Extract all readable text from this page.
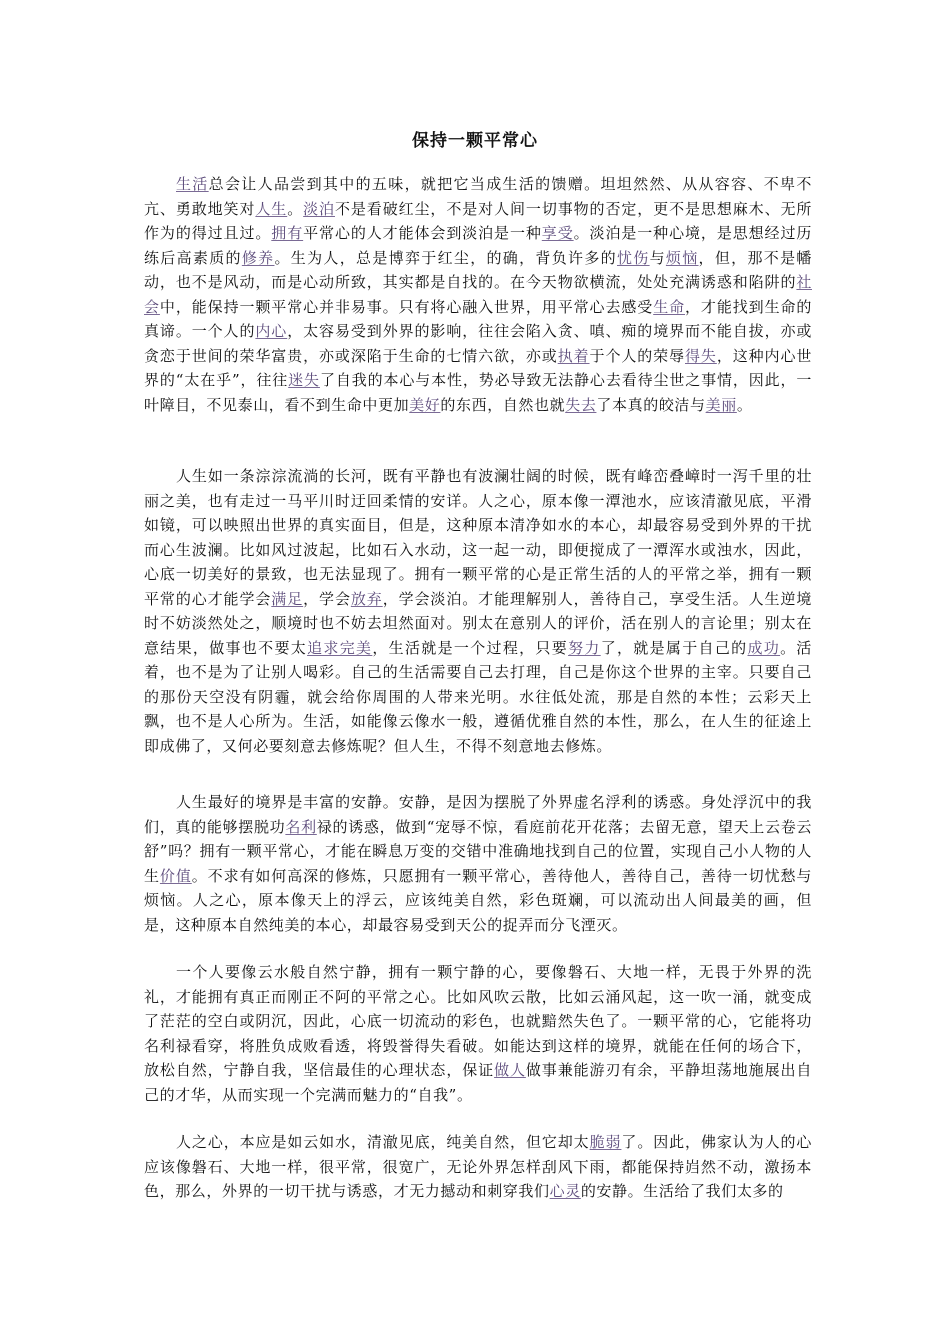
保持一颗平常心

生活总会让人品尝到其中的五味，就把它当成生活的馈赠。坦坦然然、从从容容、不卑不亢、勇敢地笑对人生。淡泊不是看破红尘，不是对人间一切事物的否定，更不是思想麻木、无所作为的得过且过。拥有平常心的人才能体会到淡泊是一种享受。淡泊是一种心境，是思想经过历练后高素质的修养。生为人，总是博弈于红尘，的确，背负许多的忧伤与烦恼，但，那不是幡动，也不是风动，而是心动所致，其实都是自找的。在今天物欲横流，处处充满诱惑和陷阱的社会中，能保持一颗平常心并非易事。只有将心融入世界，用平常心去感受生命，才能找到生命的真谛。一个人的内心，太容易受到外界的影响，往往会陷入贪、嗔、痴的境界而不能自拔，亦或贪恋于世间的荣华富贵，亦或深陷于生命的七情六欲，亦或执着于个人的荣辱得失，这种内心世界的“太在乎”，往往迷失了自我的本心与本性，势必导致无法静心去看待尘世之事情，因此，一叶障目，不见泰山，看不到生命中更加美好的东西，自然也就失去了本真的皎洁与美丽。

人生如一条淙淙流淌的长河，既有平静也有波澜壮阔的时候，既有峰峦叠嶂时一泻千里的壮丽之美，也有走过一马平川时迂回柔情的安详。人之心，原本像一潭池水，应该清澈见底，平滑如镜，可以映照出世界的真实面目，但是，这种原本清净如水的本心，却最容易受到外界的干扰而心生波澜。比如风过波起，比如石入水动，这一起一动，即便搅成了一潭浑水或浊水，因此，心底一切美好的景致，也无法显现了。拥有一颗平常的心是正常生活的人的平常之举，拥有一颗平常的心才能学会满足，学会放弃，学会淡泊。才能理解别人，善待自己，享受生活。人生逆境时不妨淡然处之，顺境时也不妨去坦然面对。别太在意别人的评价，活在别人的言论里；别太在意结果，做事也不要太追求完美，生活就是一个过程，只要努力了，就是属于自己的成功。活着，也不是为了让别人喝彩。自己的生活需要自己去打理，自己是你这个世界的主宰。只要自己的那份天空没有阴霾，就会给你周围的人带来光明。水往低处流，那是自然的本性；云彩天上飘，也不是人心所为。生活，如能像云像水一般，遵循优雅自然的本性，那么，在人生的征途上即成佛了，又何必要刻意去修炼呢？但人生，不得不刻意地去修炼。

人生最好的境界是丰富的安静。安静，是因为摆脱了外界虚名浮利的诱惑。身处浮沉中的我们，真的能够摆脱功名利禄的诱惑，做到“宠辱不惊，看庭前花开花落；去留无意，望天上云卷云舒”吗？拥有一颗平常心，才能在瞬息万变的交错中准确地找到自己的位置，实现自己小人物的人生价值。不求有如何高深的修炼，只愿拥有一颗平常心，善待他人，善待自己，善待一切忧愁与烦恼。人之心，原本像天上的浮云，应该纯美自然，彩色斑斓，可以流动出人间最美的画，但是，这种原本自然纯美的本心，却最容易受到天公的捉弄而分飞湮灭。

一个人要像云水般自然宁静，拥有一颗宁静的心，要像磐石、大地一样，无畏于外界的洗礼，才能拥有真正而刚正不阿的平常之心。比如风吹云散，比如云涌风起，这一吹一涌，就变成了茫茫的空白或阴沉，因此，心底一切流动的彩色，也就黯然失色了。一颗平常的心，它能将功名利禄看穿，将胜负成败看透，将毁誉得失看破。如能达到这样的境界，就能在任何的场合下，放松自然，宁静自我，坚信最佳的心理状态，保证做人做事兼能游刃有余，平静坦荡地施展出自己的才华，从而实现一个完满而魅力的“自我”。

人之心，本应是如云如水，清澈见底，纯美自然，但它却太脆弱了。因此，佛家认为人的心应该像磐石、大地一样，很平常，很宽广，无论外界怎样刮风下雨，都能保持岿然不动，激扬本色，那么，外界的一切干扰与诱惑，才无力撼动和刺穿我们心灵的安静。生活给了我们太多的
